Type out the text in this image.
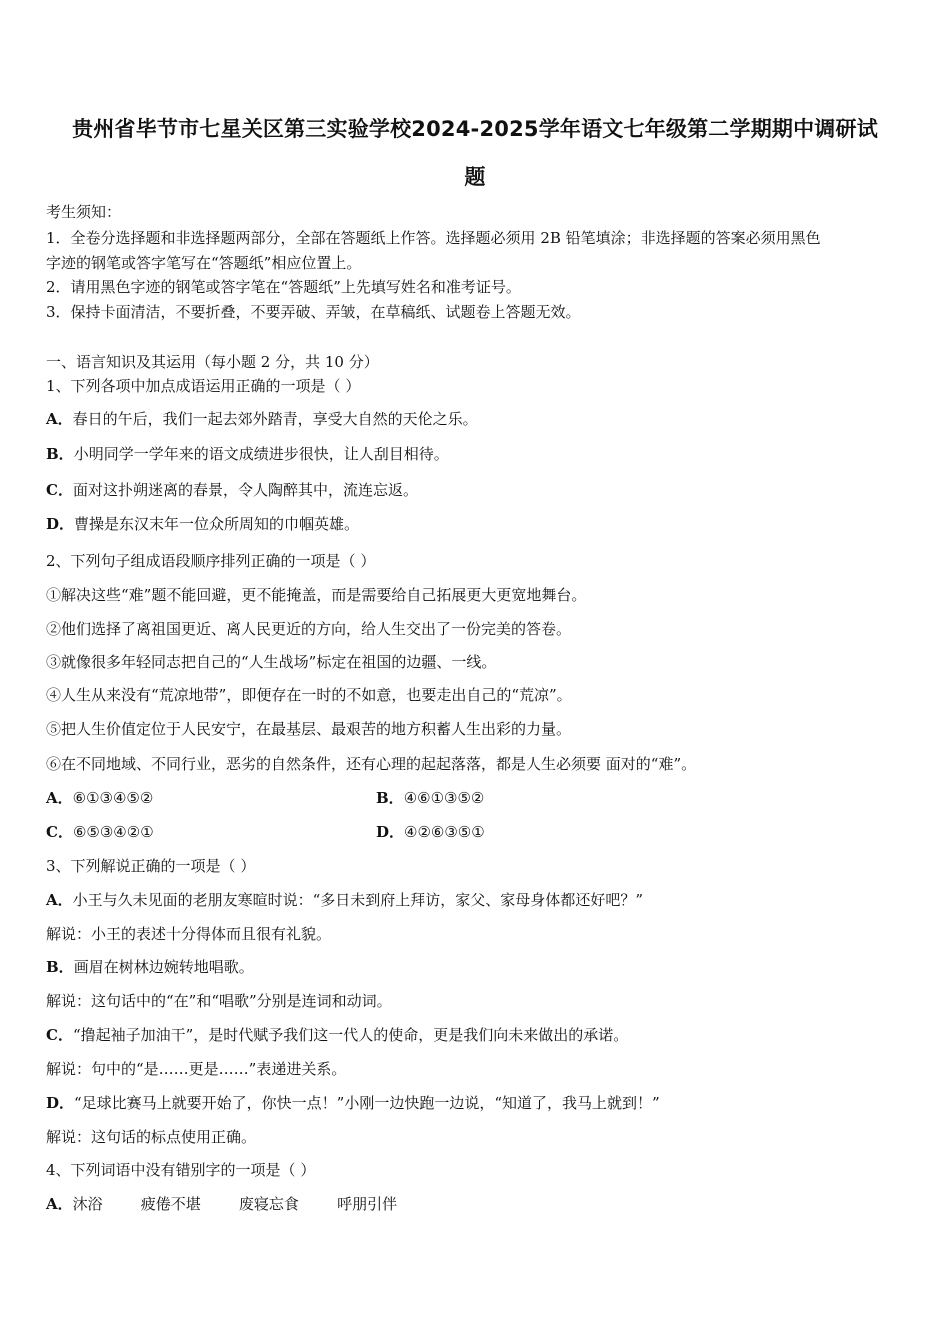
贵州省毕节市七星关区第三实验学校2024-2025学年语文七年级第二学期期中调研试
题
考生须知：
1．全卷分选择题和非选择题两部分，全部在答题纸上作答。选择题必须用 2B 铅笔填涂；非选择题的答案必须用黑色
字迹的钢笔或答字笔写在“答题纸”相应位置上。
2．请用黑色字迹的钢笔或答字笔在“答题纸”上先填写姓名和准考证号。
3．保持卡面清洁，不要折叠，不要弄破、弄皱，在草稿纸、试题卷上答题无效。
一、语言知识及其运用（每小题 2 分，共 10 分）
1、下列各项中加点成语运用正确的一项是（ ）
A．春日的午后，我们一起去郊外踏青，享受大自然的天伦之乐。
B．小明同学一学年来的语文成绩进步很快，让人刮目相待。
C．面对这扑朔迷离的春景，令人陶醉其中，流连忘返。
D．曹操是东汉末年一位众所周知的巾帼英雄。
2、下列句子组成语段顺序排列正确的一项是（ ）
①解决这些“难”题不能回避，更不能掩盖，而是需要给自己拓展更大更宽地舞台。
②他们选择了离祖国更近、离人民更近的方向，给人生交出了一份完美的答卷。
③就像很多年轻同志把自己的“人生战场”标定在祖国的边疆、一线。
④人生从来没有“荒凉地带”，即便存在一时的不如意，也要走出自己的“荒凉”。
⑤把人生价值定位于人民安宁，在最基层、最艰苦的地方积蓄人生出彩的力量。
⑥在不同地域、不同行业，恶劣的自然条件，还有心理的起起落落，都是人生必须要 面对的“难”。
A．⑥①③④⑤②	B．④⑥①③⑤②
C．⑥⑤③④②①	D．④②⑥③⑤①
3、下列解说正确的一项是（ ）
A．小王与久未见面的老朋友寒暄时说：“多日未到府上拜访，家父、家母身体都还好吧？”
解说：小王的表述十分得体而且很有礼貌。
B．画眉在树林边婉转地唱歌。
解说：这句话中的“在”和“唱歌”分别是连词和动词。
C．“撸起袖子加油干”，是时代赋予我们这一代人的使命，更是我们向未来做出的承诺。
解说：句中的“是……更是……”表递进关系。
D．“足球比赛马上就要开始了，你快一点！”小刚一边快跑一边说，“知道了，我马上就到！”
解说：这句话的标点使用正确。
4、下列词语中没有错别字的一项是（ ）
A．沐浴        疲倦不堪        废寝忘食        呼朋引伴
